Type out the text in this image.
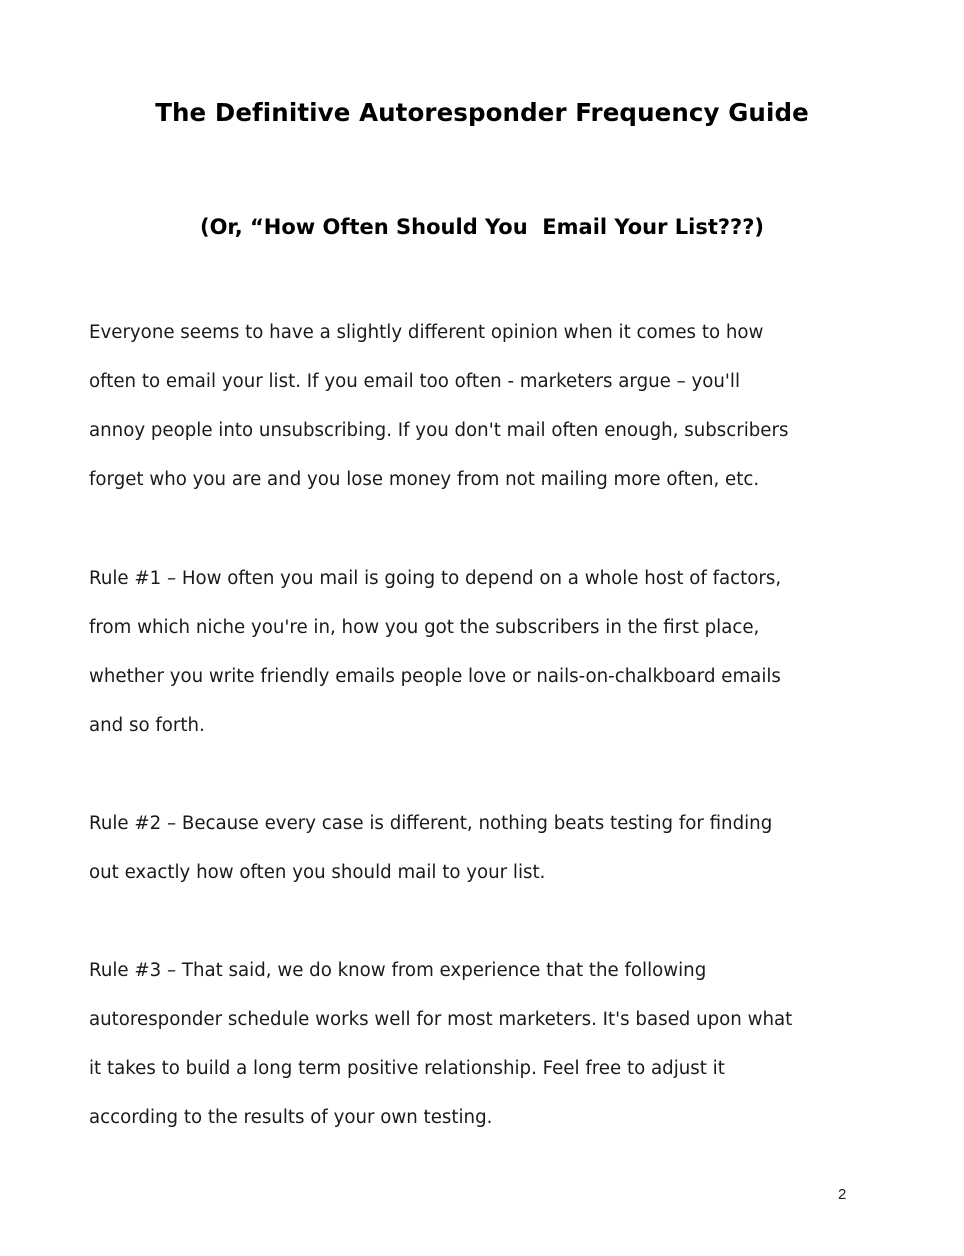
The Definitive Autoresponder Frequency Guide
(Or, “How Often Should You  Email Your List???)
Everyone seems to have a slightly different opinion when it comes to how
often to email your list. If you email too often - marketers argue – you'll
annoy people into unsubscribing. If you don't mail often enough, subscribers
forget who you are and you lose money from not mailing more often, etc.
Rule #1 – How often you mail is going to depend on a whole host of factors,
from which niche you're in, how you got the subscribers in the first place,
whether you write friendly emails people love or nails-on-chalkboard emails
and so forth.
Rule #2 – Because every case is different, nothing beats testing for finding
out exactly how often you should mail to your list.
Rule #3 – That said, we do know from experience that the following
autoresponder schedule works well for most marketers. It's based upon what
it takes to build a long term positive relationship. Feel free to adjust it
according to the results of your own testing.
2
